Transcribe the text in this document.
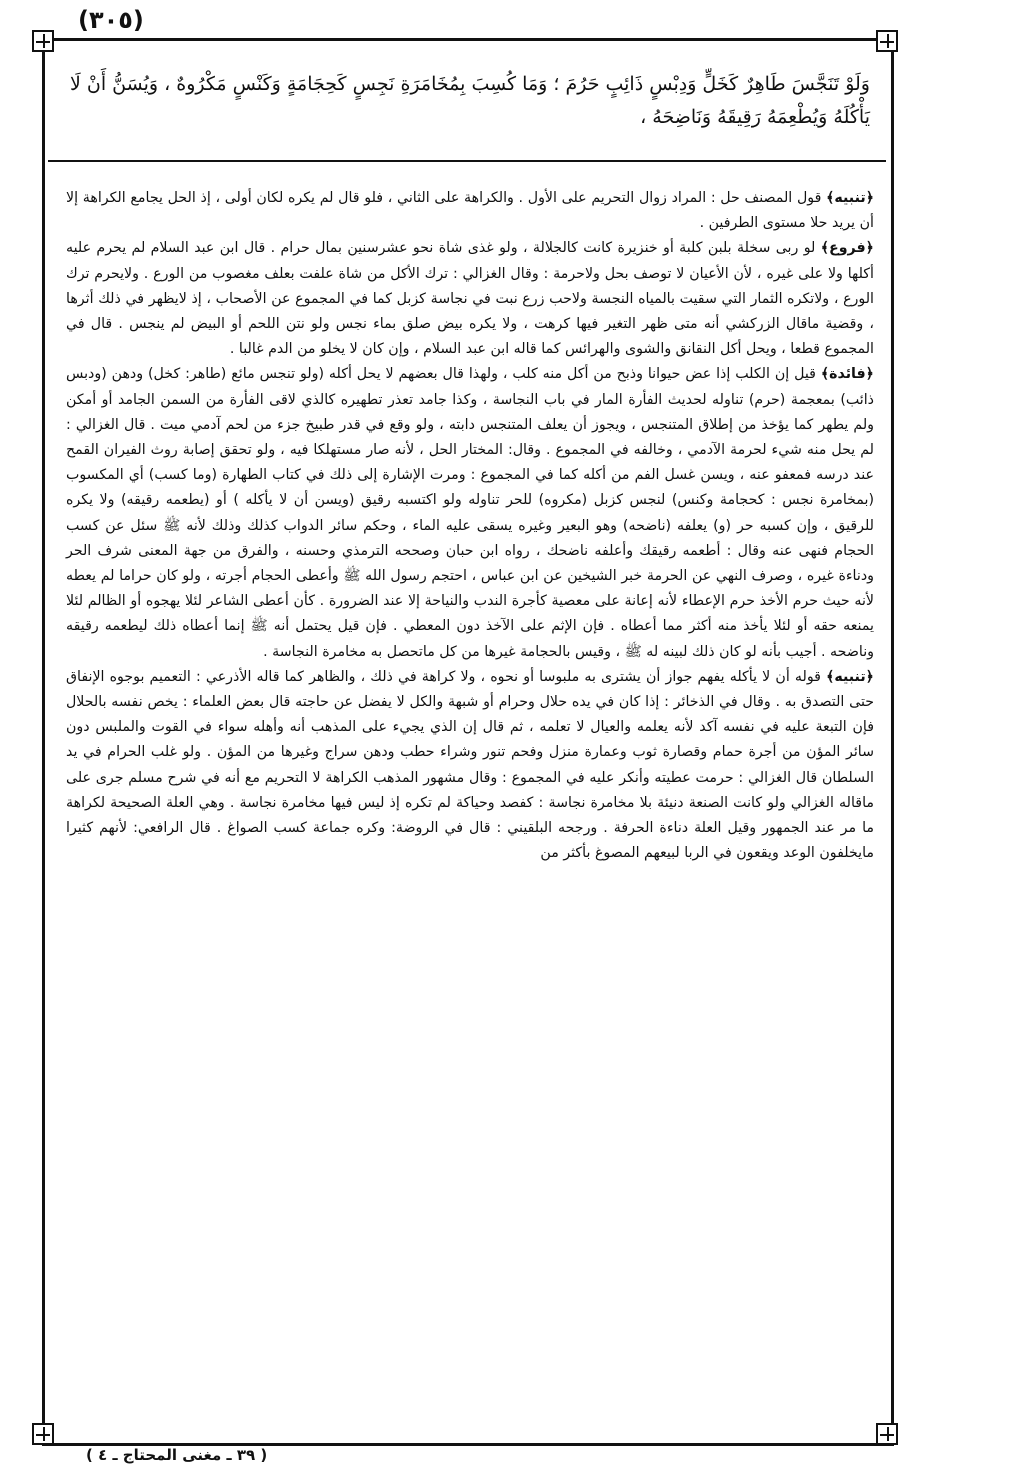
(٣٠٥)
وَلَوْ تَنَجَّسَ طَاهِرٌ كَخَلٍّ وَدِبْسٍ ذَائِبٍ حَرُمَ ؛ وَمَا كُسِبَ بِمُخَامَرَةِ نَجِسٍ كَحِجَامَةٍ وَكَنْسٍ مَكْرُوهٌ ، وَيُسَنُّ أَنْ لَا يَأْكُلَهُ وَيُطْعِمَهُ رَقِيقَهُ وَنَاضِحَهُ ،

﴿تنبيه﴾ قول المصنف حل : المراد زوال التحريم على الأول . والكراهة على الثاني ، فلو قال لم يكره لكان أولى ، إذ الحل يجامع الكراهة إلا أن يريد حلا مستوى الطرفين .

﴿فروع﴾ لو ربى سخلة بلبن كلبة أو خنزيرة كانت كالجلالة ، ولو غذى شاة نحو عشرسنين بمال حرام . قال ابن عبد السلام لم يحرم عليه أكلها ولا على غيره ، لأن الأعيان لا توصف بحل ولاحرمة : وقال الغزالي : ترك الأكل من شاة علفت بعلف مغصوب من الورع . ولايحرم ترك الورع ، ولاتكره الثمار التي سقيت بالمياه النجسة ولاحب زرع نبت في نجاسة كزبل كما في المجموع عن الأصحاب ، إذ لايظهر في ذلك أثرها ، وقضية ماقال الزركشي أنه متى ظهر التغير فيها كرهت ، ولا يكره بيض صلق بماء نجس ولو نتن اللحم أو البيض لم ينجس . قال في المجموع قطعا ، ويحل أكل النقانق والشوى والهرائس كما قاله ابن عبد السلام ، وإن كان لا يخلو من الدم غالبا .

﴿فائدة﴾ قيل إن الكلب إذا عض حيوانا وذبح من أكل منه كلب ، ولهذا قال بعضهم لا يحل أكله (ولو تنجس مائع (طاهر: كخل) ودهن (ودبس ذائب) بمعجمة (حرم) تناوله لحديث الفأرة المار في باب النجاسة ، وكذا جامد تعذر تطهيره كالذي لاقى الفأرة من السمن الجامد أو أمكن ولم يطهر كما يؤخذ من إطلاق المتنجس ، ويجوز أن يعلف المتنجس دابته ، ولو وقع في قدر طبيخ جزء من لحم آدمي ميت . قال الغزالي : لم يحل منه شيء لحرمة الآدمي ، وخالفه في المجموع . وقال: المختار الحل ، لأنه صار مستهلكا فيه ، ولو تحقق إصابة روث الفيران القمح عند درسه فمعفو عنه ، ويسن غسل الفم من أكله كما في المجموع : ومرت الإشارة إلى ذلك في كتاب الطهارة (وما كسب) أي المكسوب (بمخامرة نجس : كحجامة وكنس) لنجس كزبل (مكروه) للحر تناوله ولو اكتسبه رقيق (ويسن أن لا يأكله ) أو (يطعمه رقيقه) ولا يكره للرقيق ، وإن كسبه حر (و) يعلفه (ناضحه) وهو البعير وغيره يسقى عليه الماء ، وحكم سائر الدواب كذلك وذلك لأنه ﷺ سئل عن كسب الحجام فنهى عنه وقال : أطعمه رقيقك وأعلفه ناضحك ، رواه ابن حبان وصححه الترمذي وحسنه ، والفرق من جهة المعنى شرف الحر ودناءة غيره ، وصرف النهي عن الحرمة خبر الشيخين عن ابن عباس ، احتجم رسول الله ﷺ وأعطى الحجام أجرته ، ولو كان حراما لم يعطه لأنه حيث حرم الأخذ حرم الإعطاء لأنه إعانة على معصية كأجرة الندب والنياحة إلا عند الضرورة . كأن أعطى الشاعر لئلا يهجوه أو الظالم لئلا يمنعه حقه أو لئلا يأخذ منه أكثر مما أعطاه . فإن الإثم على الآخذ دون المعطي . فإن قيل يحتمل أنه ﷺ إنما أعطاه ذلك ليطعمه رقيقه وناضحه . أجيب بأنه لو كان ذلك لبينه له ﷺ ، وقيس بالحجامة غيرها من كل ماتحصل به مخامرة النجاسة .

﴿تنبيه﴾ قوله أن لا يأكله يفهم جواز أن يشترى به ملبوسا أو نحوه ، ولا كراهة في ذلك ، والظاهر كما قاله الأذرعي : التعميم بوجوه الإنفاق حتى التصدق به . وقال في الذخائر : إذا كان في يده حلال وحرام أو شبهة والكل لا يفضل عن حاجته قال بعض العلماء : يخص نفسه بالحلال فإن التبعة عليه في نفسه آكد لأنه يعلمه والعيال لا تعلمه ، ثم قال إن الذي يجيء على المذهب أنه وأهله سواء في القوت والملبس دون سائر المؤن من أجرة حمام وقصارة ثوب وعمارة منزل وفحم تنور وشراء حطب ودهن سراج وغيرها من المؤن . ولو غلب الحرام في يد السلطان قال الغزالي : حرمت عطيته وأنكر عليه في المجموع : وقال مشهور المذهب الكراهة لا التحريم مع أنه في شرح مسلم جرى على ماقاله الغزالي ولو كانت الصنعة دنيئة بلا مخامرة نجاسة : كفصد وحياكة لم تكره إذ ليس فيها مخامرة نجاسة . وهي العلة الصحيحة لكراهة ما مر عند الجمهور وقيل العلة دناءة الحرفة . ورجحه البلقيني : قال في الروضة: وكره جماعة كسب الصواغ . قال الرافعي: لأنهم كثيرا مايخلفون الوعد ويقعون في الربا لبيعهم المصوغ بأكثر من

( ٣٩ ـ مغنى المحتاج ـ ٤ )
